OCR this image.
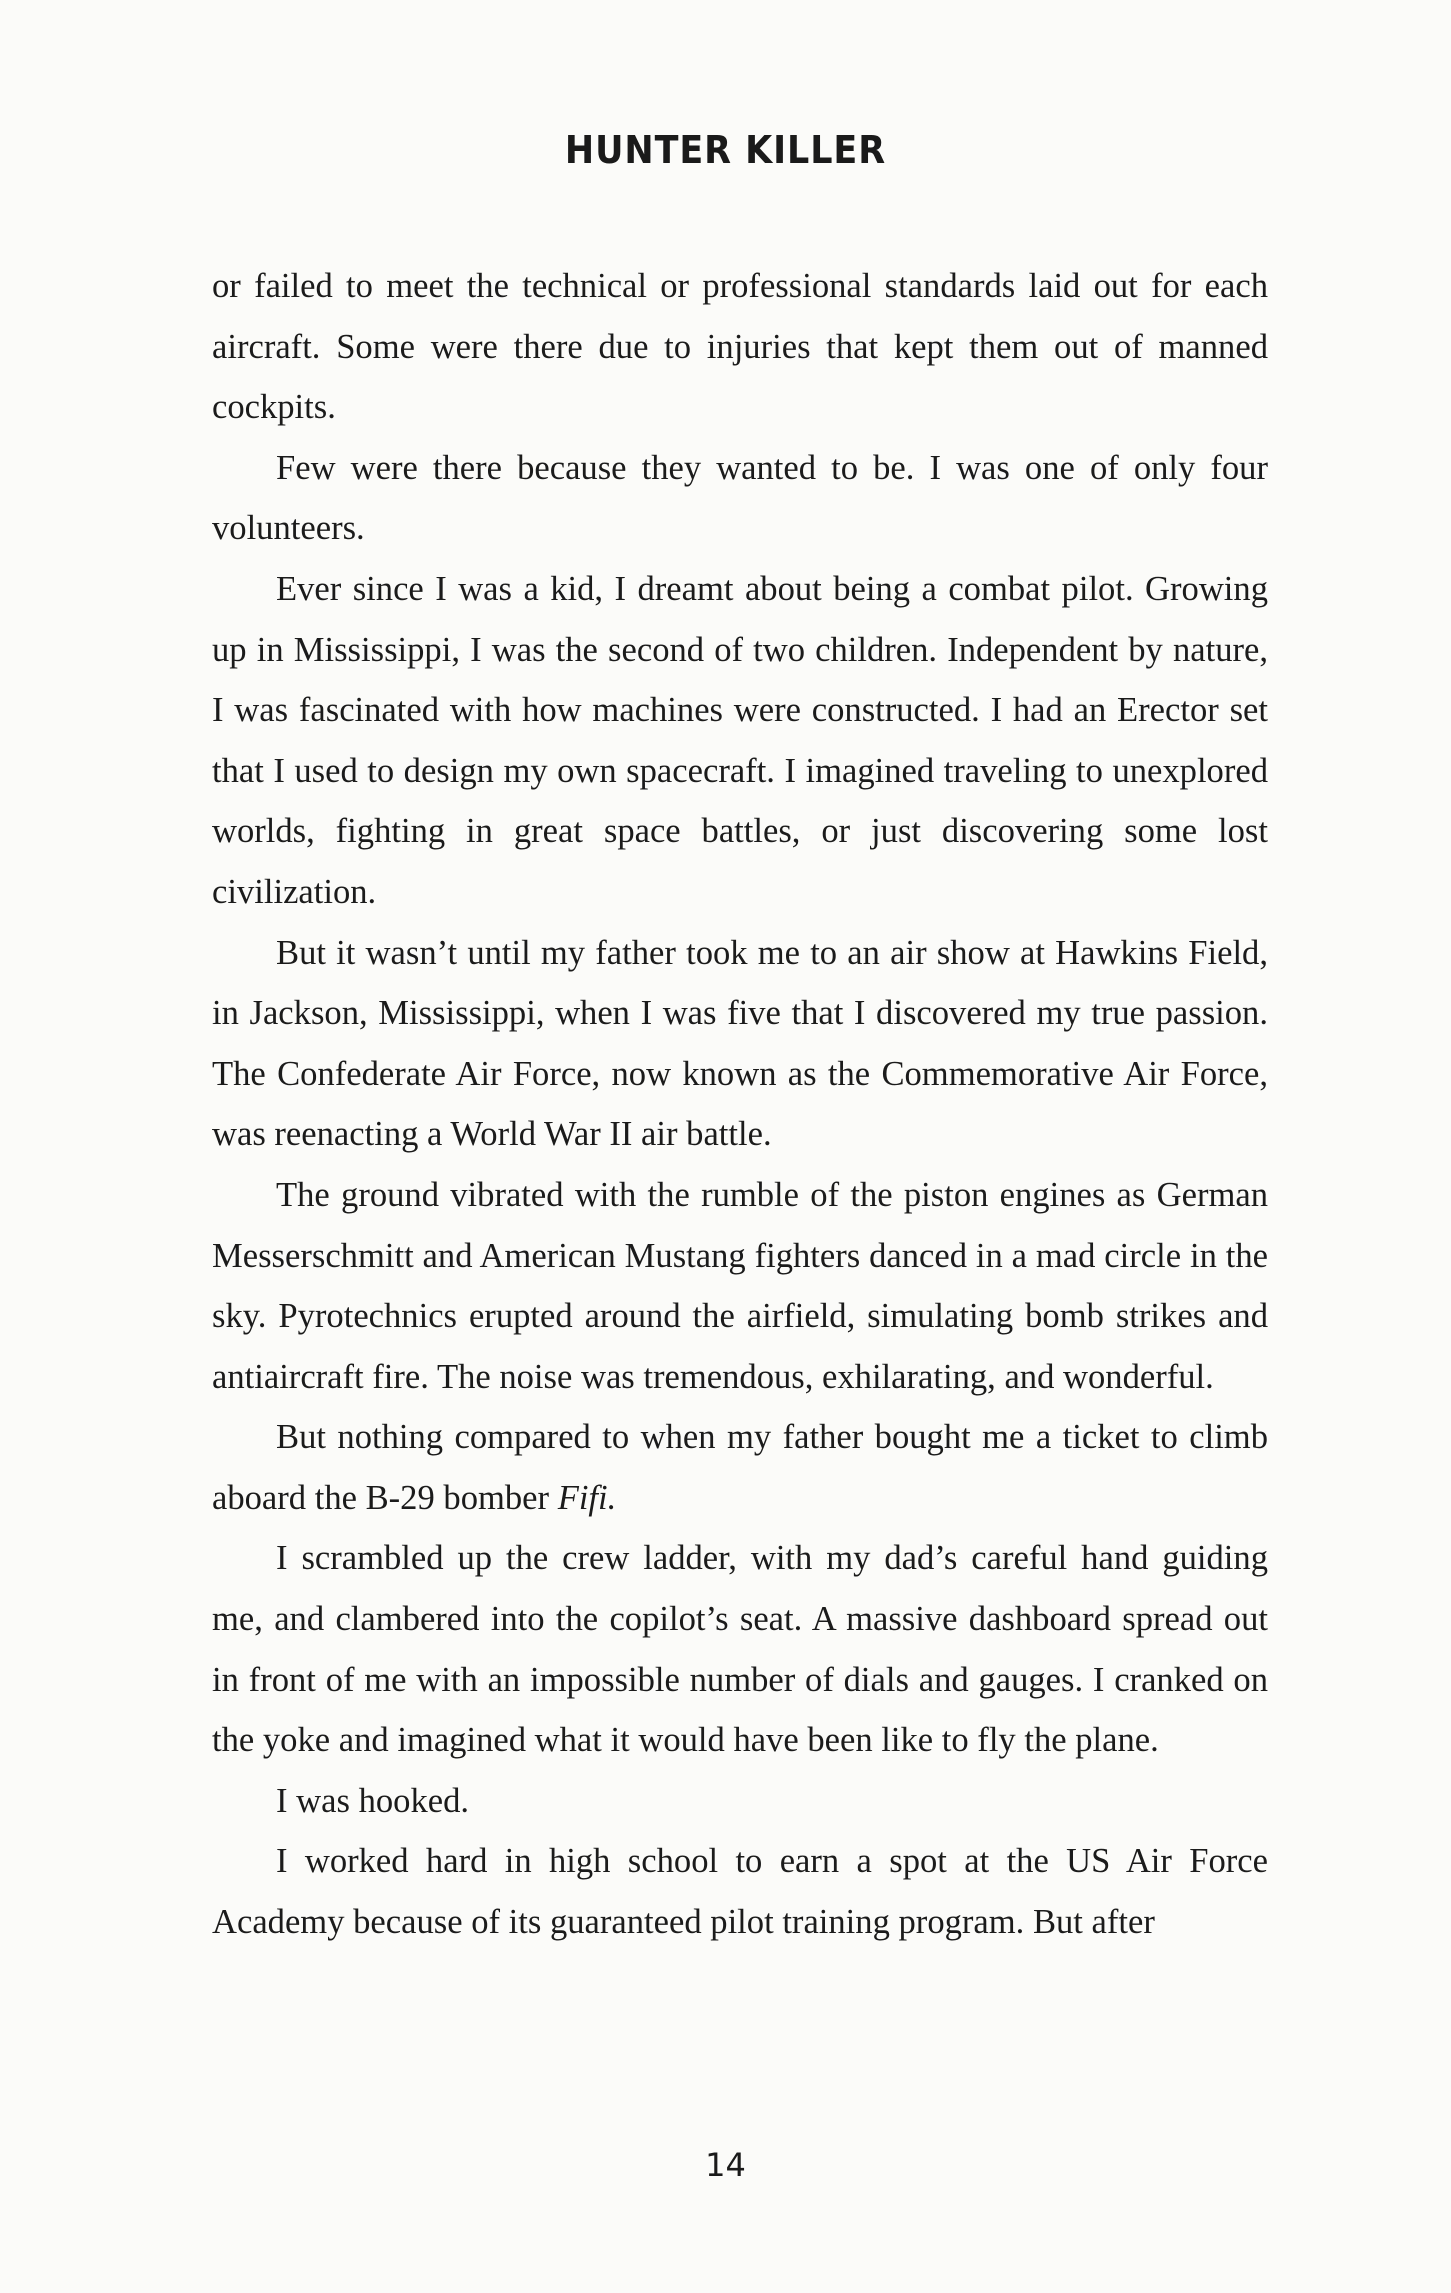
HUNTER KILLER

or failed to meet the technical or professional standards laid out for each aircraft. Some were there due to injuries that kept them out of manned cockpits.

Few were there because they wanted to be. I was one of only four volunteers.

Ever since I was a kid, I dreamt about being a combat pilot. Growing up in Mississippi, I was the second of two children. Independent by nature, I was fascinated with how machines were constructed. I had an Erector set that I used to design my own spacecraft. I imagined traveling to unexplored worlds, fighting in great space battles, or just discovering some lost civilization.

But it wasn’t until my father took me to an air show at Hawkins Field, in Jackson, Mississippi, when I was five that I discovered my true passion. The Confederate Air Force, now known as the Commemorative Air Force, was reenacting a World War II air battle.

The ground vibrated with the rumble of the piston engines as German Messerschmitt and American Mustang fighters danced in a mad circle in the sky. Pyrotechnics erupted around the airfield, simulating bomb strikes and antiaircraft fire. The noise was tremendous, exhilarating, and wonderful.

But nothing compared to when my father bought me a ticket to climb aboard the B-29 bomber Fifi.

I scrambled up the crew ladder, with my dad’s careful hand guiding me, and clambered into the copilot’s seat. A massive dashboard spread out in front of me with an impossible number of dials and gauges. I cranked on the yoke and imagined what it would have been like to fly the plane.

I was hooked.

I worked hard in high school to earn a spot at the US Air Force Academy because of its guaranteed pilot training program. But after

14
